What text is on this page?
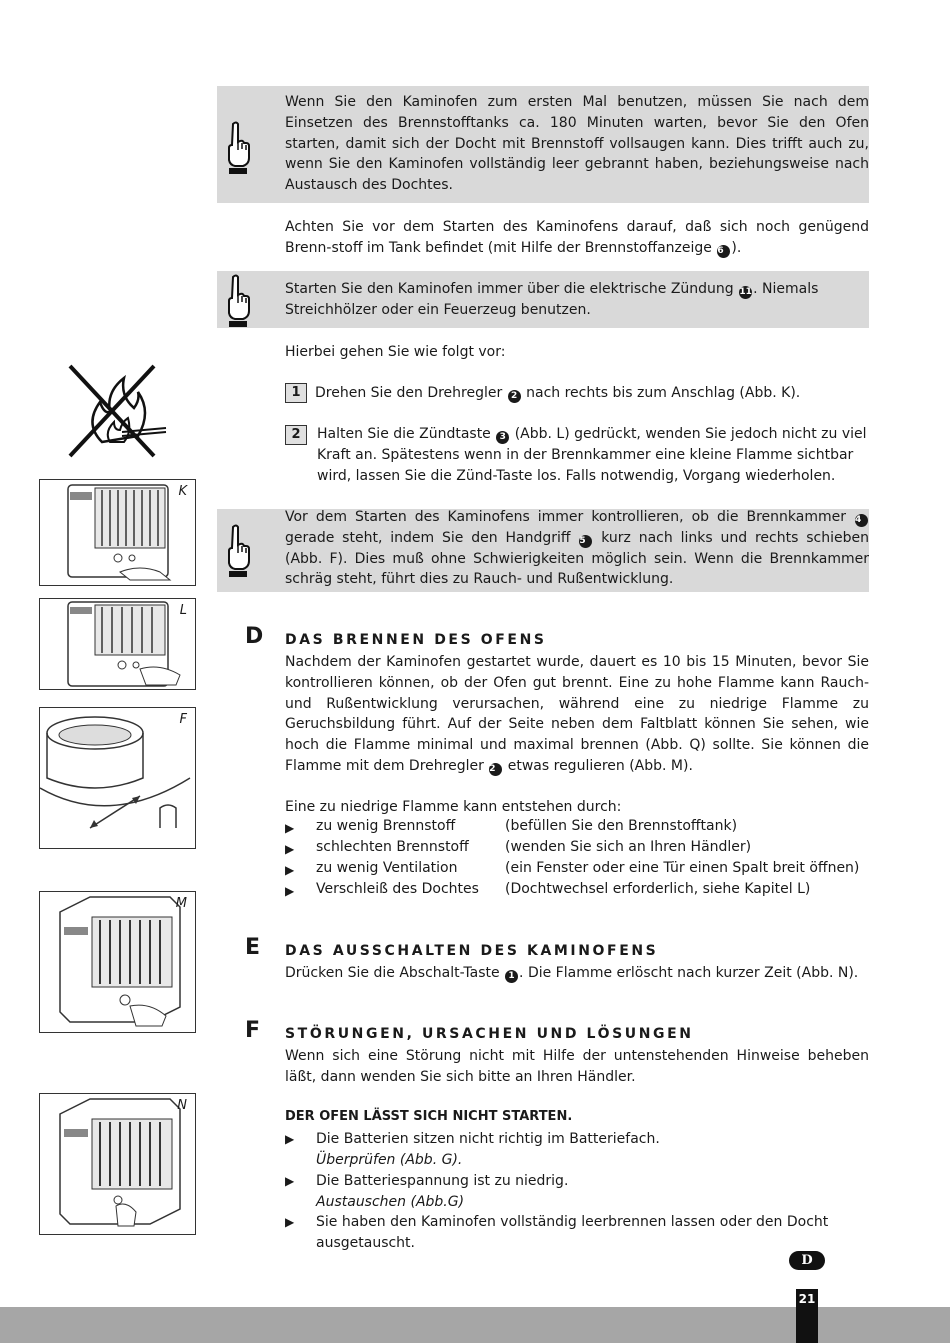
Wenn Sie den Kaminofen zum ersten Mal benutzen, müssen Sie nach dem Einsetzen des Brennstofftanks ca. 180 Minuten warten, bevor Sie den Ofen starten, damit sich der Docht mit Brennstoff vollsaugen kann. Dies trifft auch zu, wenn Sie den Kaminofen vollständig leer gebrannt haben, beziehungsweise nach Austausch des Dochtes.
Achten Sie vor dem Starten des Kaminofens darauf, daß sich noch genügend Brenn-stoff im Tank befindet (mit Hilfe der Brennstoffanzeige 6 ).
Starten Sie den Kaminofen immer über die elektrische Zündung 11. Niemals Streichhölzer oder ein Feuerzeug benutzen.
Hierbei gehen Sie wie folgt vor:
1	Drehen Sie den Drehregler 2 nach rechts bis zum Anschlag (Abb. K).
2	Halten Sie die Zündtaste 3 (Abb. L) gedrückt, wenden Sie jedoch nicht zu viel Kraft an. Spätestens wenn in der Brennkammer eine kleine Flamme sichtbar wird, lassen Sie die Zünd-Taste los. Falls notwendig, Vorgang wiederholen.
Vor dem Starten des Kaminofens immer kontrollieren, ob die Brennkammer 4 gerade steht, indem Sie den Handgriff 5 kurz nach links und rechts schieben (Abb. F). Dies muß ohne Schwierigkeiten möglich sein. Wenn die Brennkammer schräg steht, führt dies zu Rauch- und Rußentwicklung.
D DAS BRENNEN DES OFENS
Nachdem der Kaminofen gestartet wurde, dauert es 10 bis 15 Minuten, bevor Sie kontrollieren können, ob der Ofen gut brennt. Eine zu hohe Flamme kann Rauch- und Rußentwicklung verursachen, während eine zu niedrige Flamme zu Geruchsbildung führt. Auf der Seite neben dem Faltblatt können Sie sehen, wie hoch die Flamme minimal und maximal brennen (Abb. Q) sollte. Sie können die Flamme mit dem Drehregler 2 etwas regulieren (Abb. M).
Eine zu niedrige Flamme kann entstehen durch:
▶ zu wenig Brennstoff	(befüllen Sie den Brennstofftank)
▶ schlechten Brennstoff	(wenden Sie sich an Ihren Händler)
▶ zu wenig Ventilation	(ein Fenster oder eine Tür einen Spalt breit öffnen)
▶ Verschleiß des Dochtes (Dochtwechsel erforderlich, siehe Kapitel L)
E DAS AUSSCHALTEN DES KAMINOFENS
Drücken Sie die Abschalt-Taste 1 . Die Flamme erlöscht nach kurzer Zeit (Abb. N).
F STÖRUNGEN, URSACHEN UND LÖSUNGEN
Wenn sich eine Störung nicht mit Hilfe der untenstehenden Hinweise beheben läßt, dann wenden Sie sich bitte an Ihren Händler.
DER OFEN LÄSST SICH NICHT STARTEN.
▶ Die Batterien sitzen nicht richtig im Batteriefach.
Überprüfen (Abb. G).
▶ Die Batteriespannung ist zu niedrig.
Austauschen (Abb.G)
▶ Sie haben den Kaminofen vollständig leerbrennen lassen oder den Docht ausgetauscht.
K
L
F
M
N
D
21
